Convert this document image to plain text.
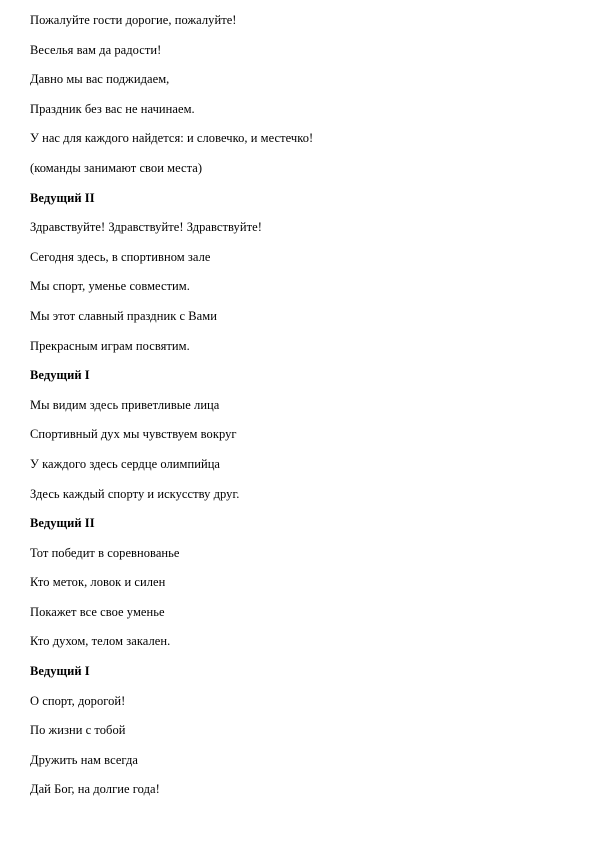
Пожалуйте гости дорогие, пожалуйте!
Веселья вам да радости!
Давно мы вас поджидаем,
Праздник без вас не начинаем.
У нас для каждого найдется: и словечко, и местечко!
(команды занимают свои места)
Ведущий II
Здравствуйте! Здравствуйте! Здравствуйте!
Сегодня здесь, в спортивном зале
Мы спорт, уменье совместим.
Мы этот славный праздник с Вами
Прекрасным играм посвятим.
Ведущий I
Мы видим здесь приветливые лица
Спортивный дух мы чувствуем вокруг
У каждого здесь сердце олимпийца
Здесь каждый спорту и искусству друг.
Ведущий II
Тот победит в соревнованье
Кто меток, ловок и силен
Покажет все свое уменье
Кто духом, телом закален.
Ведущий I
О спорт, дорогой!
По жизни с тобой
Дружить нам всегда
Дай Бог, на долгие года!
